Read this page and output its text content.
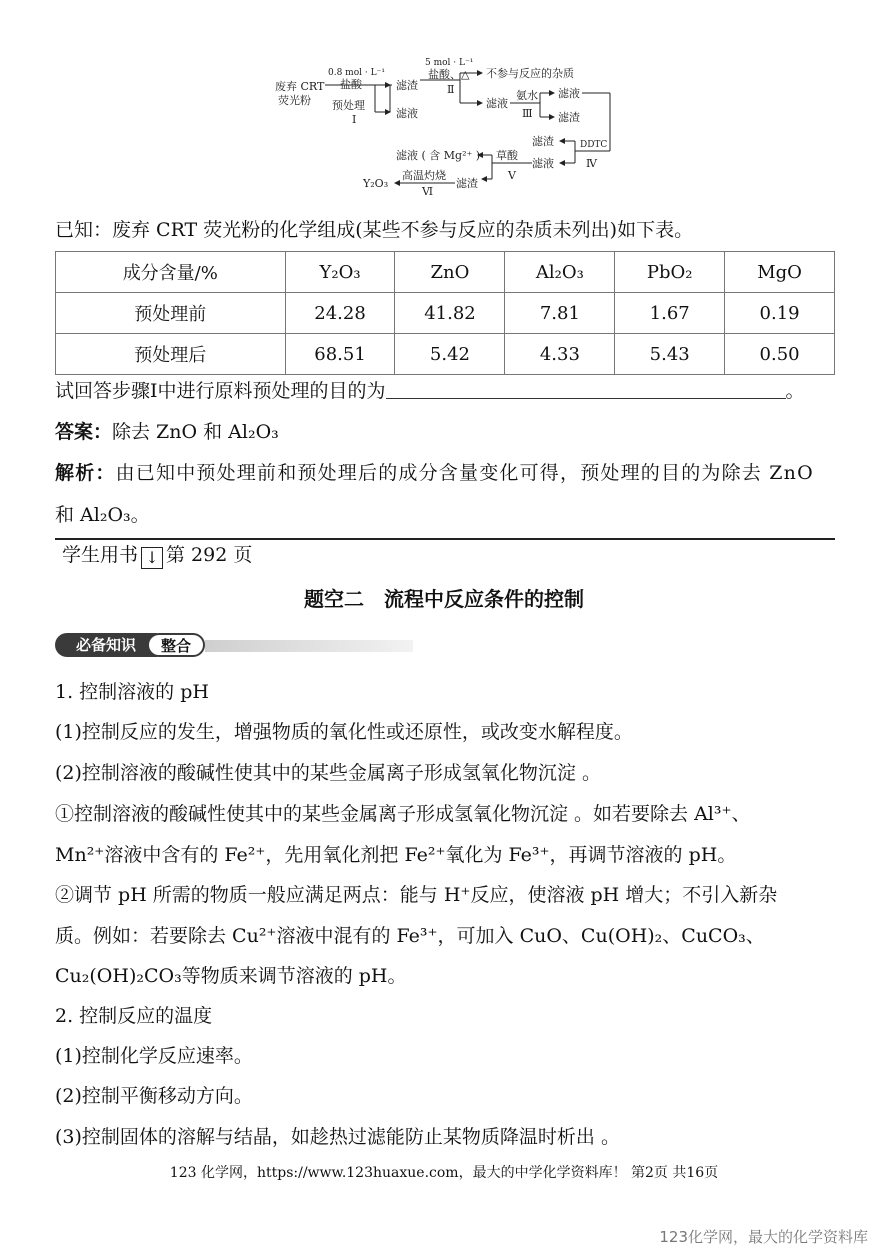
废弃 CRT 荧光粉
0.8 mol · L⁻¹
盐酸
预处理
Ⅰ
滤渣
滤液
5 mol · L⁻¹
盐酸、△
Ⅱ
不参与反应的杂质
滤液
氨水
Ⅲ
滤液
滤渣
DDTC
Ⅳ
滤渣
滤液
草酸
Ⅴ
滤液 ( 含 Mg²⁺ )
滤渣
高温灼烧
Ⅵ
Y₂O₃
已知：废弃 CRT 荧光粉的化学组成(某些不参与反应的杂质未列出)如下表。
成分含量/%	Y₂O₃	ZnO	Al₂O₃	PbO₂	MgO
预处理前	24.28	41.82	7.81	1.67	0.19
预处理后	68.51	5.42	4.33	5.43	0.50
试回答步骤I中进行原料预处理的目的为	。
答案：除去 ZnO 和 Al₂O₃
解析：由已知中预处理前和预处理后的成分含量变化可得，预处理的目的为除去 ZnO
和 Al₂O₃。
学生用书 ↓ 第 292 页
题空二　流程中反应条件的控制
必备知识	整合
1. 控制溶液的 pH
(1)控制反应的发生，增强物质的氧化性或还原性，或改变水解程度。
(2)控制溶液的酸碱性使其中的某些金属离子形成氢氧化物沉淀 。
①控制溶液的酸碱性使其中的某些金属离子形成氢氧化物沉淀 。如若要除去 Al³⁺、
Mn²⁺溶液中含有的 Fe²⁺，先用氧化剂把 Fe²⁺氧化为 Fe³⁺，再调节溶液的 pH。
②调节 pH 所需的物质一般应满足两点：能与 H⁺反应，使溶液 pH 增大；不引入新杂
质。例如：若要除去 Cu²⁺溶液中混有的 Fe³⁺，可加入 CuO、Cu(OH)₂、CuCO₃、
Cu₂(OH)₂CO₃等物质来调节溶液的 pH。
2. 控制反应的温度
(1)控制化学反应速率。
(2)控制平衡移动方向。
(3)控制固体的溶解与结晶，如趁热过滤能防止某物质降温时析出 。
123 化学网，https://www.123huaxue.com，最大的中学化学资料库！ 第2页 共16页
123化学网，最大的化学资料库
